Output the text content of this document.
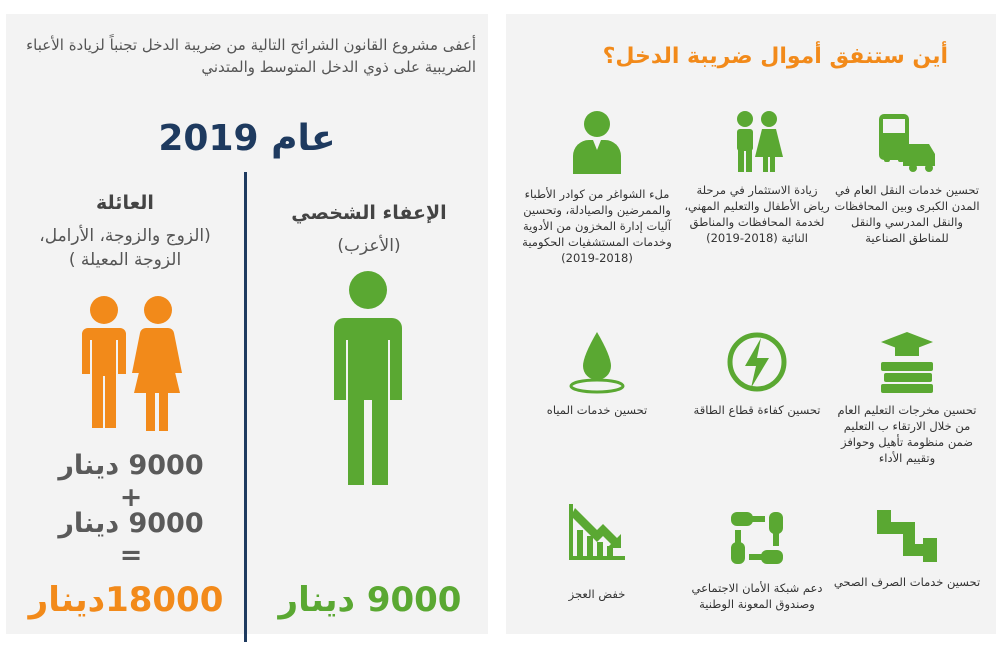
أعفى مشروع القانون الشرائح التالية من ضريبة الدخل تجنباً لزيادة الأعباء الضريبية على ذوي الدخل المتوسط والمتدني
عام 2019
العائلة
(الزوج والزوجة، الأرامل، الزوجة المعيلة )
9000 دينار
+
9000 دينار
=
18000دينار
الإعفاء الشخصي
(الأعزب)
9000 دينار
أين ستنفق أموال ضريبة الدخل؟
تحسين خدمات النقل العام في المدن الكبرى وبين المحافظات والنقل المدرسي والنقل للمناطق الصناعية
زيادة الاستثمار في مرحلة رياض الأطفال والتعليم المهني، لخدمة المحافظات والمناطق النائية (2018-2019)
ملء الشواغر من كوادر الأطباء والممرضين والصيادلة، وتحسين آليات إدارة المخزون من الأدوية وخدمات المستشفيات الحكومية (2018-2019)
تحسين مخرجات التعليم العام من خلال الارتقاء ب التعليم ضمن منظومة تأهيل وحوافز وتقييم الأداء
تحسين كفاءة قطاع الطاقة
تحسين خدمات المياه
تحسين خدمات الصرف الصحي
دعم شبكة الأمان الاجتماعي وصندوق المعونة الوطنية
خفض العجز
